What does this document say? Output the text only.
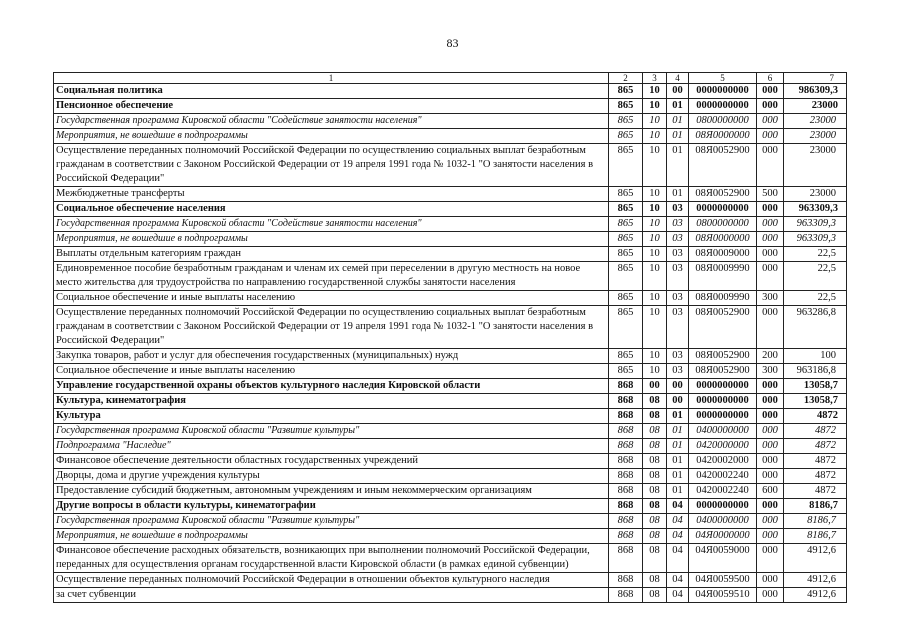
83
1	2	3	4	5	6	7
Социальная политика	865	10	00	0000000000	000	986309,3
Пенсионное обеспечение	865	10	01	0000000000	000	23000
Государственная программа Кировской области "Содействие занятости населения"	865	10	01	0800000000	000	23000
Мероприятия, не вошедшие в подпрограммы	865	10	01	08Я0000000	000	23000
Осуществление переданных полномочий Российской Федерации по осуществлению социальных выплат безработным гражданам в соответствии с Законом Российской Федерации от 19 апреля 1991 года № 1032-1 "О занятости населения в Российской Федерации"	865	10	01	08Я0052900	000	23000
Межбюджетные трансферты	865	10	01	08Я0052900	500	23000
Социальное обеспечение населения	865	10	03	0000000000	000	963309,3
Государственная программа Кировской области "Содействие занятости населения"	865	10	03	0800000000	000	963309,3
Мероприятия, не вошедшие в подпрограммы	865	10	03	08Я0000000	000	963309,3
Выплаты отдельным категориям граждан	865	10	03	08Я0009000	000	22,5
Единовременное пособие безработным гражданам и членам их семей при переселении в другую местность на новое место жительства для трудоустройства по направлению государственной службы занятости населения	865	10	03	08Я0009990	000	22,5
Социальное обеспечение и иные выплаты населению	865	10	03	08Я0009990	300	22,5
Осуществление переданных полномочий Российской Федерации по осуществлению социальных выплат безработным гражданам в соответствии с Законом Российской Федерации от 19 апреля 1991 года № 1032-1 "О занятости населения в Российской Федерации"	865	10	03	08Я0052900	000	963286,8
Закупка товаров, работ и услуг для обеспечения государственных (муниципальных) нужд	865	10	03	08Я0052900	200	100
Социальное обеспечение и иные выплаты населению	865	10	03	08Я0052900	300	963186,8
Управление государственной охраны объектов культурного наследия Кировской области	868	00	00	0000000000	000	13058,7
Культура, кинематография	868	08	00	0000000000	000	13058,7
Культура	868	08	01	0000000000	000	4872
Государственная программа Кировской области "Развитие культуры"	868	08	01	0400000000	000	4872
Подпрограмма "Наследие"	868	08	01	0420000000	000	4872
Финансовое обеспечение деятельности областных государственных учреждений	868	08	01	0420002000	000	4872
Дворцы, дома и другие учреждения культуры	868	08	01	0420002240	000	4872
Предоставление субсидий бюджетным, автономным учреждениям и иным некоммерческим организациям	868	08	01	0420002240	600	4872
Другие вопросы в области культуры, кинематографии	868	08	04	0000000000	000	8186,7
Государственная программа Кировской области "Развитие культуры"	868	08	04	0400000000	000	8186,7
Мероприятия, не вошедшие в подпрограммы	868	08	04	04Я0000000	000	8186,7
Финансовое обеспечение расходных обязательств, возникающих при выполнении полномочий Российской Федерации, переданных для осуществления органам государственной власти Кировской области (в рамках единой субвенции)	868	08	04	04Я0059000	000	4912,6
Осуществление переданных полномочий Российской Федерации в отношении объектов культурного наследия	868	08	04	04Я0059500	000	4912,6
за счет субвенции	868	08	04	04Я0059510	000	4912,6
